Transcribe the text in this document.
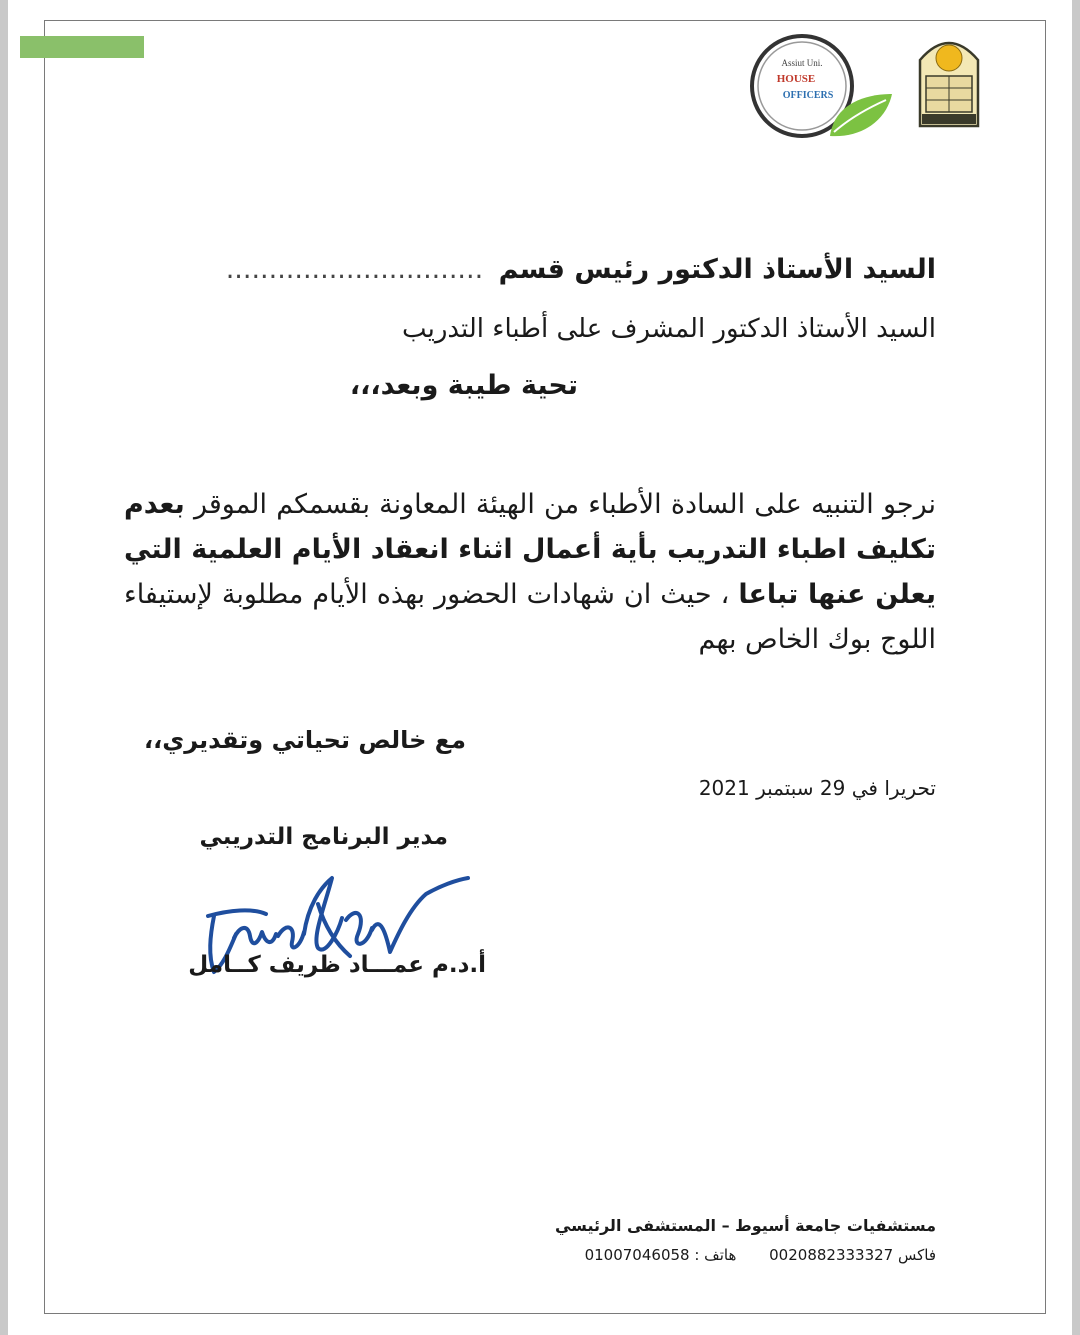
Assiut Uni.
HOUSE
OFFICERS
السيد الأستاذ الدكتور رئيس قسم ..............................
السيد الأستاذ الدكتور المشرف على أطباء التدريب
تحية طيبة وبعد،،،
نرجو التنبيه على السادة الأطباء من الهيئة المعاونة بقسمكم الموقر بعدم تكليف اطباء التدريب بأية أعمال اثناء انعقاد الأيام العلمية التي يعلن عنها تباعا ، حيث ان شهادات الحضور بهذه الأيام مطلوبة لإستيفاء اللوج بوك الخاص بهم
مع خالص تحياتي وتقديري،،
تحريرا في 29 سبتمبر 2021
مدير البرنامج التدريبي
أ.د.م عمـــاد ظريف كــامل
مستشفيات جامعة أسيوط – المستشفى الرئيسي
فاكس 0020882333327 هاتف : 01007046058
